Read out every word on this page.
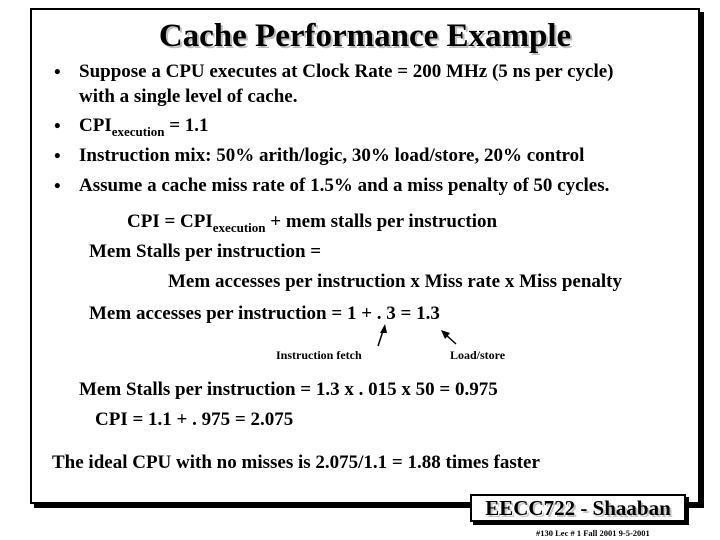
Cache Performance Example
• Suppose a CPU executes at Clock Rate = 200 MHz (5 ns per cycle)
with a single level of cache.
• $CPI_{execution} = 1.1$
• Instruction mix: 50% arith/logic, 30% load/store, 20% control
• Assume a cache miss rate of 1.5% and a miss penalty of 50 cycles.
CPI = $CPI_{execution}$ + mem stalls per instruction
Mem Stalls per instruction =
Mem accesses per instruction x Miss rate x Miss penalty
Mem accesses per instruction = 1 + . 3 = 1.3
Instruction fetch	Load/store
Mem Stalls per instruction = 1.3 x . 015 x 50 = 0.975
CPI = 1.1 + . 975 = 2.075
The ideal CPU with no misses is 2.075/1.1 = 1.88 times faster
EECC722 - Shaaban
#130 Lec # 1 Fall 2001 9-5-2001
